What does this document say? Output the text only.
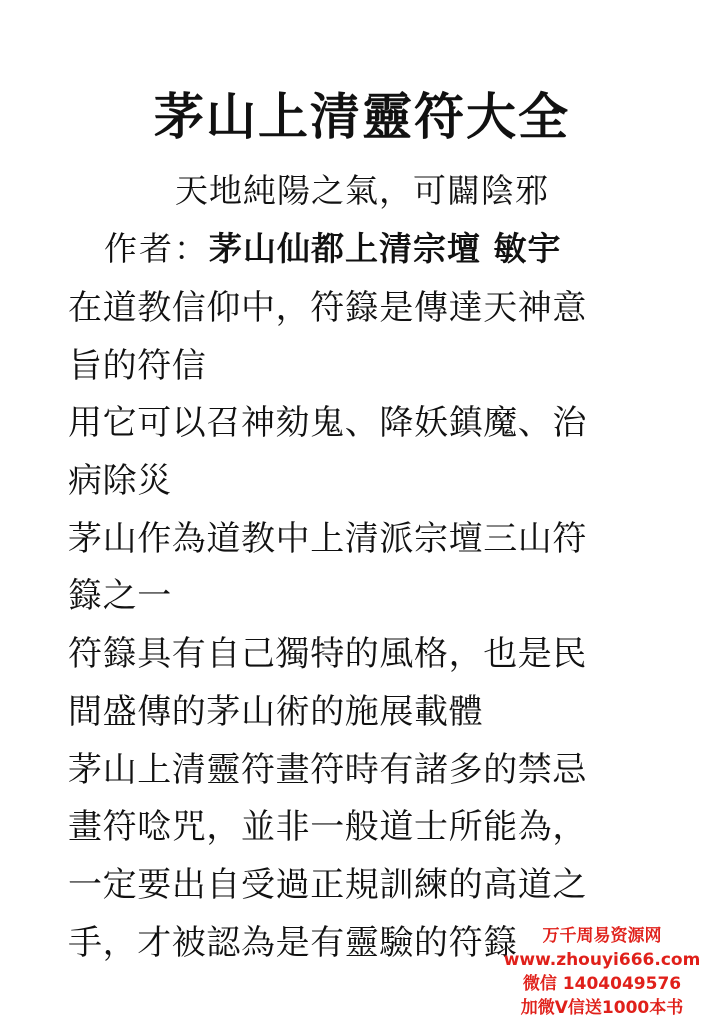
茅山上清靈符大全
天地純陽之氣，可闢陰邪
作者：茅山仙都上清宗壇 敏宇
在道教信仰中，符籙是傳達天神意
旨的符信
用它可以召神劾鬼、降妖鎮魔、治
病除災
茅山作為道教中上清派宗壇三山符
籙之一
符籙具有自己獨特的風格，也是民
間盛傳的茅山術的施展載體
茅山上清靈符畫符時有諸多的禁忌
畫符唸咒，並非一般道士所能為，
一定要出自受過正規訓練的高道之
手，才被認為是有靈驗的符籙	万千周易资源网
www.zhouyi666.com
微信 1404049576
加微V信送1000本书
